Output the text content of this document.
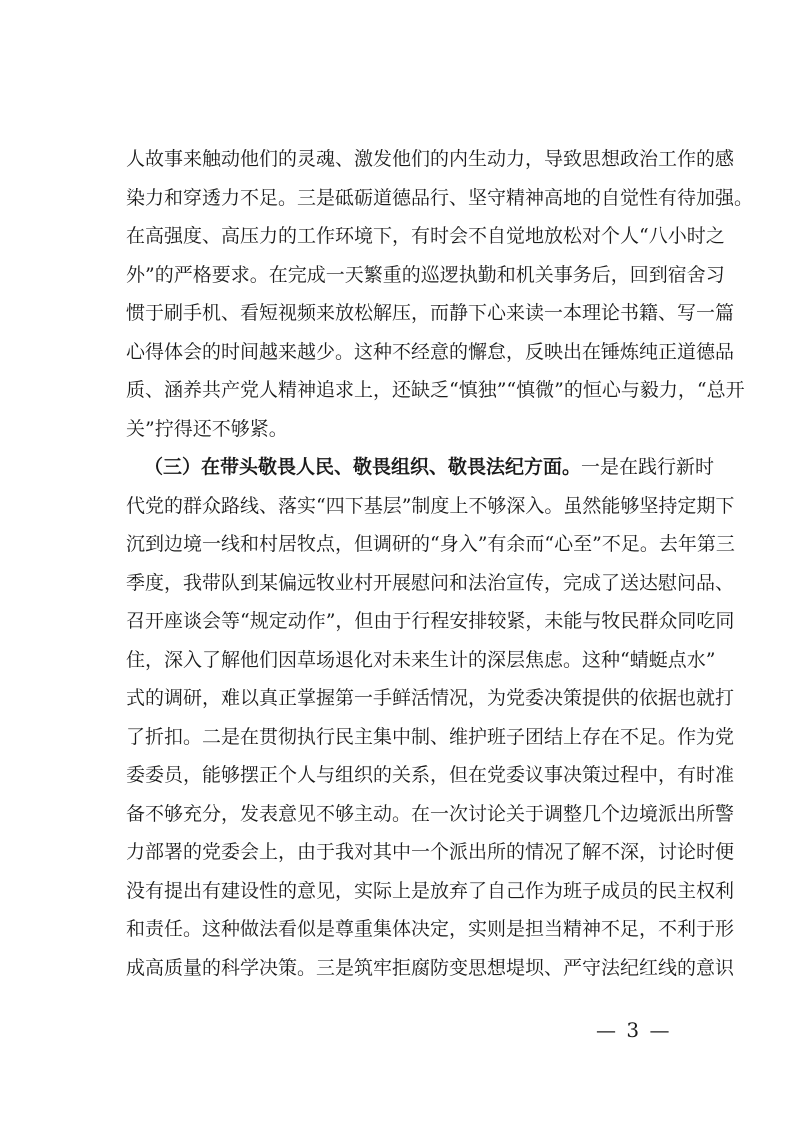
人故事来触动他们的灵魂、激发他们的内生动力，导致思想政治工作的感
染力和穿透力不足。三是砥砺道德品行、坚守精神高地的自觉性有待加强。
在高强度、高压力的工作环境下，有时会不自觉地放松对个人“八小时之
外”的严格要求。在完成一天繁重的巡逻执勤和机关事务后，回到宿舍习
惯于刷手机、看短视频来放松解压，而静下心来读一本理论书籍、写一篇
心得体会的时间越来越少。这种不经意的懈怠，反映出在锤炼纯正道德品
质、涵养共产党人精神追求上，还缺乏“慎独”“慎微”的恒心与毅力，“总开
关”拧得还不够紧。
（三）在带头敬畏人民、敬畏组织、敬畏法纪方面。一是在践行新时
代党的群众路线、落实“四下基层”制度上不够深入。虽然能够坚持定期下
沉到边境一线和村居牧点，但调研的“身入”有余而“心至”不足。去年第三
季度，我带队到某偏远牧业村开展慰问和法治宣传，完成了送达慰问品、
召开座谈会等“规定动作”，但由于行程安排较紧，未能与牧民群众同吃同
住，深入了解他们因草场退化对未来生计的深层焦虑。这种“蜻蜓点水”
式的调研，难以真正掌握第一手鲜活情况，为党委决策提供的依据也就打
了折扣。二是在贯彻执行民主集中制、维护班子团结上存在不足。作为党
委委员，能够摆正个人与组织的关系，但在党委议事决策过程中，有时准
备不够充分，发表意见不够主动。在一次讨论关于调整几个边境派出所警
力部署的党委会上，由于我对其中一个派出所的情况了解不深，讨论时便
没有提出有建设性的意见，实际上是放弃了自己作为班子成员的民主权利
和责任。这种做法看似是尊重集体决定，实则是担当精神不足，不利于形
成高质量的科学决策。三是筑牢拒腐防变思想堤坝、严守法纪红线的意识
— 3 —
